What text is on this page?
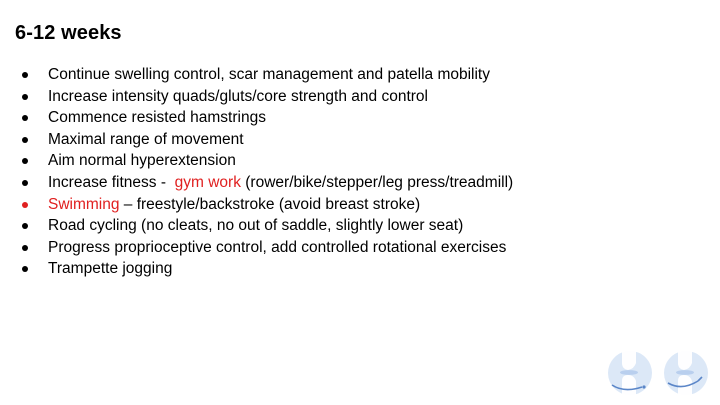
6-12 weeks
Continue swelling control, scar management and patella mobility
Increase intensity quads/gluts/core strength and control
Commence resisted hamstrings
Maximal range of movement
Aim normal hyperextension
Increase fitness -  gym work (rower/bike/stepper/leg press/treadmill)
Swimming – freestyle/backstroke (avoid breast stroke)
Road cycling (no cleats, no out of saddle, slightly lower seat)
Progress proprioceptive control, add controlled rotational exercises
Trampette jogging
